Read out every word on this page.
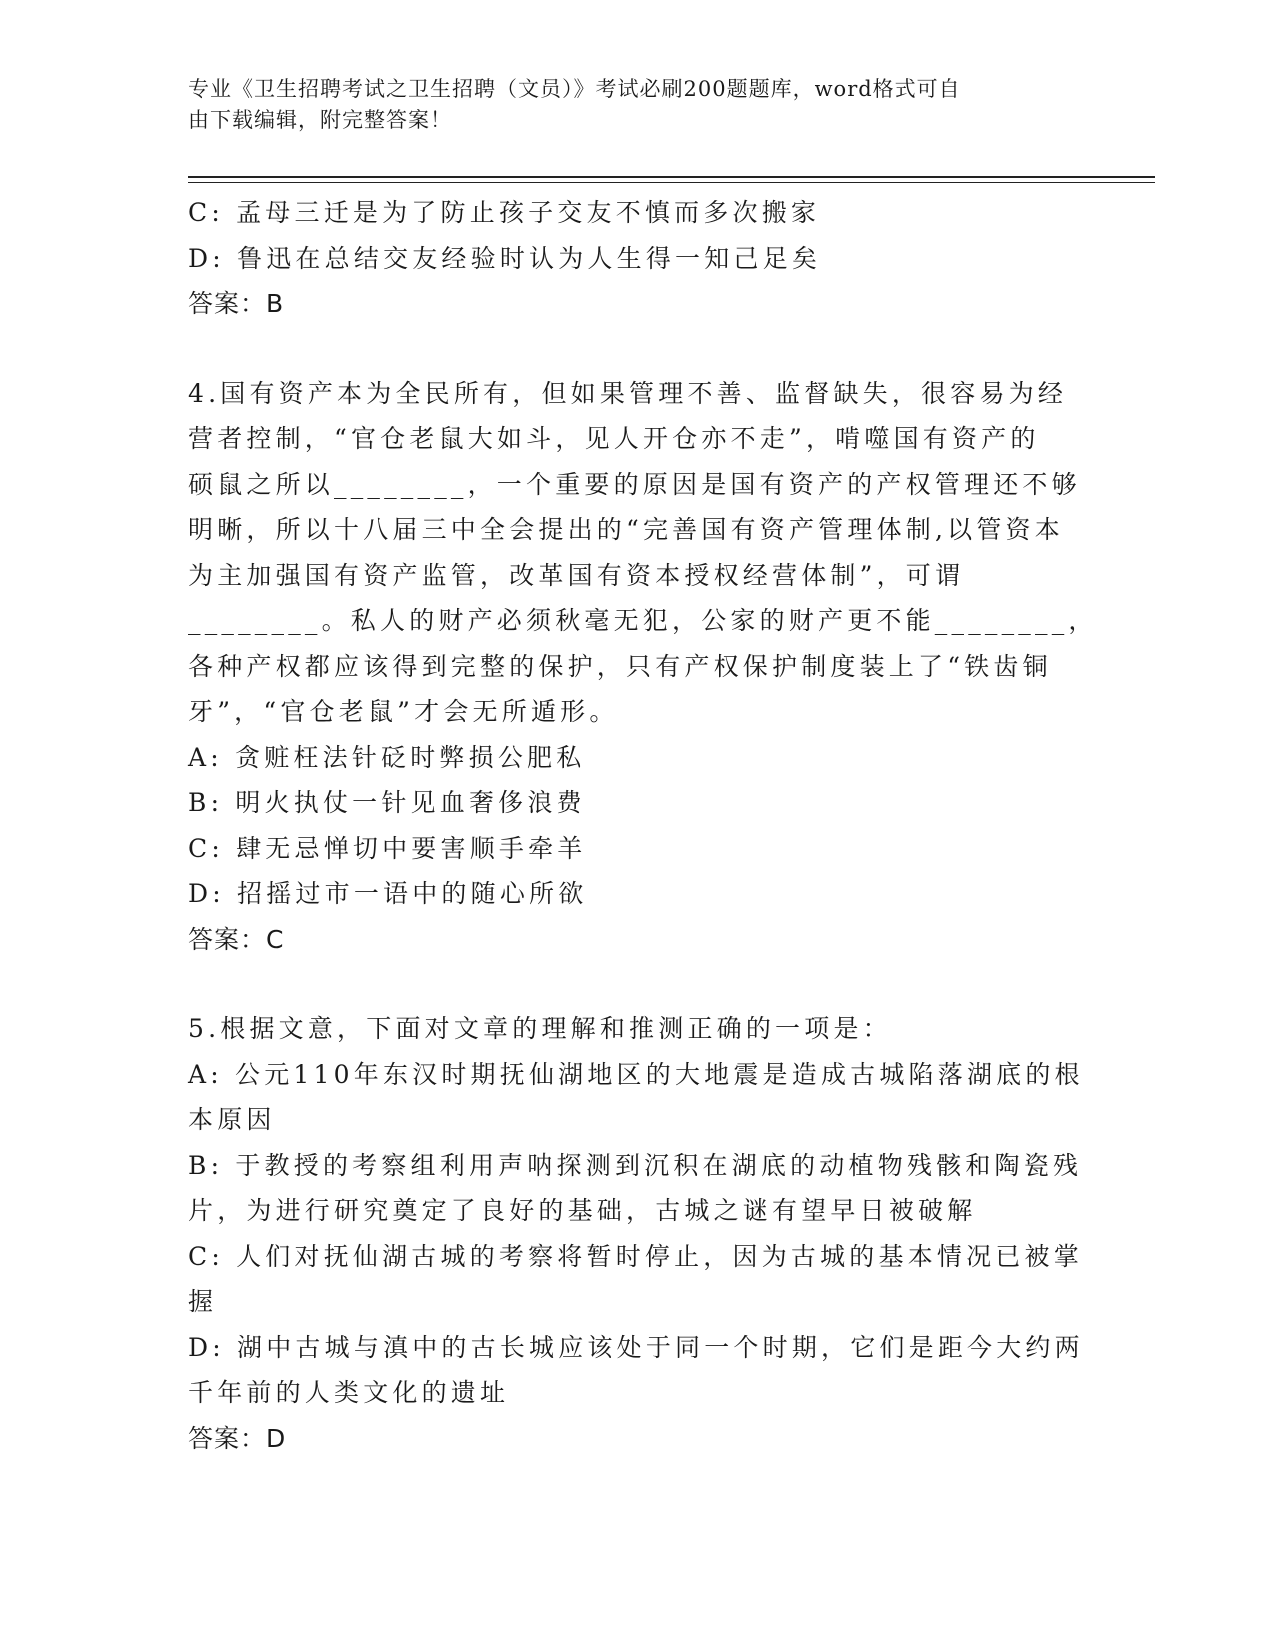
专业《卫生招聘考试之卫生招聘（文员）》考试必刷200题题库，word格式可自
由下载编辑，附完整答案！
C: 孟母三迁是为了防止孩子交友不慎而多次搬家
D: 鲁迅在总结交友经验时认为人生得一知己足矣
答案：B
4.国有资产本为全民所有，但如果管理不善、监督缺失，很容易为经
营者控制，“官仓老鼠大如斗，见人开仓亦不走”，啃噬国有资产的
硕鼠之所以________，一个重要的原因是国有资产的产权管理还不够
明晰，所以十八届三中全会提出的“完善国有资产管理体制,以管资本
为主加强国有资产监管，改革国有资本授权经营体制”，可谓
________。私人的财产必须秋毫无犯，公家的财产更不能________，
各种产权都应该得到完整的保护，只有产权保护制度装上了“铁齿铜
牙”，“官仓老鼠”才会无所遁形。
A: 贪赃枉法针砭时弊损公肥私
B: 明火执仗一针见血奢侈浪费
C: 肆无忌惮切中要害顺手牵羊
D: 招摇过市一语中的随心所欲
答案：C
5.根据文意，下面对文章的理解和推测正确的一项是：
A: 公元110年东汉时期抚仙湖地区的大地震是造成古城陷落湖底的根
本原因
B: 于教授的考察组利用声呐探测到沉积在湖底的动植物残骸和陶瓷残
片，为进行研究奠定了良好的基础，古城之谜有望早日被破解
C: 人们对抚仙湖古城的考察将暂时停止，因为古城的基本情况已被掌
握
D: 湖中古城与滇中的古长城应该处于同一个时期，它们是距今大约两
千年前的人类文化的遗址
答案：D
